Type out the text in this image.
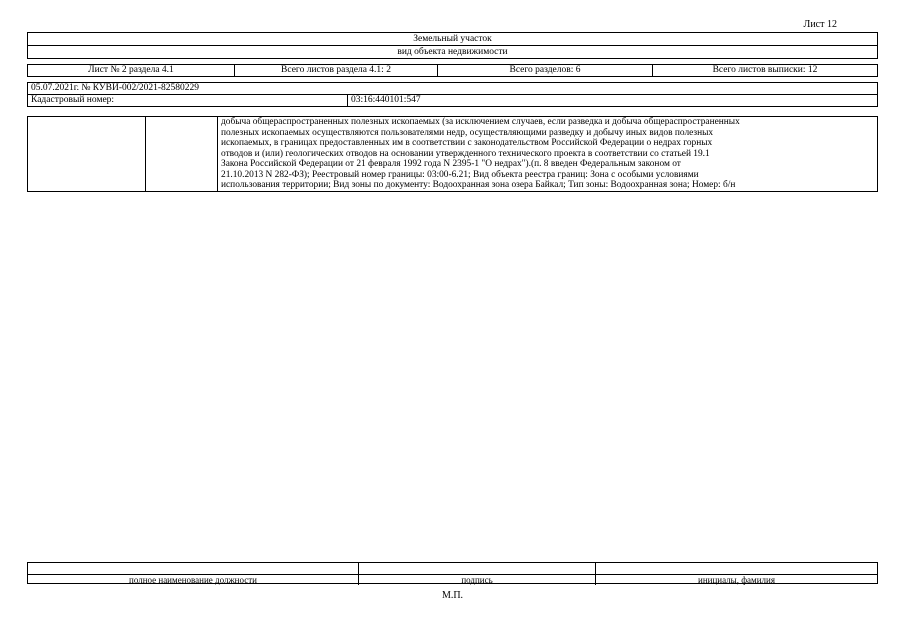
Лист 12
Земельный участок
вид объекта недвижимости
Лист № 2 раздела 4.1	Всего листов раздела 4.1: 2	Всего разделов: 6	Всего листов выписки: 12
05.07.2021г. № КУВИ-002/2021-82580229
Кадастровый номер:	03:16:440101:547
добыча общераспространенных полезных ископаемых (за исключением случаев, если разведка и добыча общераспространенных
полезных ископаемых осуществляются пользователями недр, осуществляющими разведку и добычу иных видов полезных
ископаемых, в границах предоставленных им в соответствии с законодательством Российской Федерации о недрах горных
отводов и (или) геологических отводов на основании утвержденного технического проекта в соответствии со статьей 19.1
Закона Российской Федерации от 21 февраля 1992 года N 2395-1 "О недрах").(п. 8 введен Федеральным законом от
21.10.2013 N 282-ФЗ); Реестровый номер границы: 03:00-6.21; Вид объекта реестра границ: Зона с особыми условиями
использования территории; Вид зоны по документу: Водоохранная зона озера Байкал; Тип зоны: Водоохранная зона; Номер: б/н
полное наименование должности	подпись	инициалы, фамилия
М.П.
